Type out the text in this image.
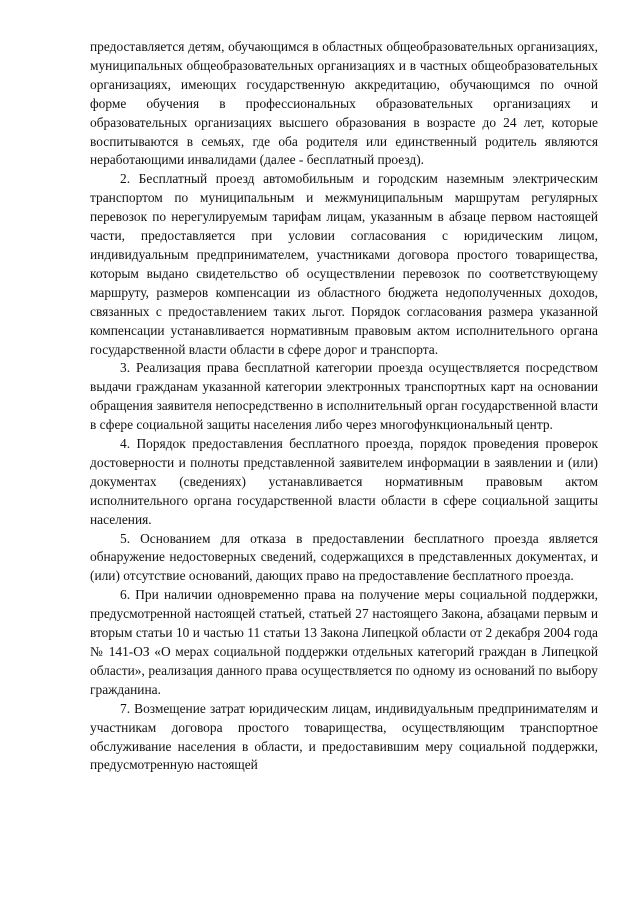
предоставляется детям, обучающимся в областных общеобразовательных организациях, муниципальных общеобразовательных организациях и в частных общеобразовательных организациях, имеющих государственную аккредитацию, обучающимся по очной форме обучения в профессиональных образовательных организациях и образовательных организациях высшего образования в возрасте до 24 лет, которые воспитываются в семьях, где оба родителя или единственный родитель являются неработающими инвалидами (далее - бесплатный проезд).

2. Бесплатный проезд автомобильным и городским наземным электрическим транспортом по муниципальным и межмуниципальным маршрутам регулярных перевозок по нерегулируемым тарифам лицам, указанным в абзаце первом настоящей части, предоставляется при условии согласования с юридическим лицом, индивидуальным предпринимателем, участниками договора простого товарищества, которым выдано свидетельство об осуществлении перевозок по соответствующему маршруту, размеров компенсации из областного бюджета недополученных доходов, связанных с предоставлением таких льгот. Порядок согласования размера указанной компенсации устанавливается нормативным правовым актом исполнительного органа государственной власти области в сфере дорог и транспорта.

3. Реализация права бесплатной категории проезда осуществляется посредством выдачи гражданам указанной категории электронных транспортных карт на основании обращения заявителя непосредственно в исполнительный орган государственной власти в сфере социальной защиты населения либо через многофункциональный центр.

4. Порядок предоставления бесплатного проезда, порядок проведения проверок достоверности и полноты представленной заявителем информации в заявлении и (или) документах (сведениях) устанавливается нормативным правовым актом исполнительного органа государственной власти области в сфере социальной защиты населения.

5. Основанием для отказа в предоставлении бесплатного проезда является обнаружение недостоверных сведений, содержащихся в представленных документах, и (или) отсутствие оснований, дающих право на предоставление бесплатного проезда.

6. При наличии одновременно права на получение меры социальной поддержки, предусмотренной настоящей статьей, статьей 27 настоящего Закона, абзацами первым и вторым статьи 10 и частью 11 статьи 13 Закона Липецкой области от 2 декабря 2004 года № 141-ОЗ «О мерах социальной поддержки отдельных категорий граждан в Липецкой области», реализация данного права осуществляется по одному из оснований по выбору гражданина.

7. Возмещение затрат юридическим лицам, индивидуальным предпринимателям и участникам договора простого товарищества, осуществляющим транспортное обслуживание населения в области, и предоставившим меру социальной поддержки, предусмотренную настоящей
